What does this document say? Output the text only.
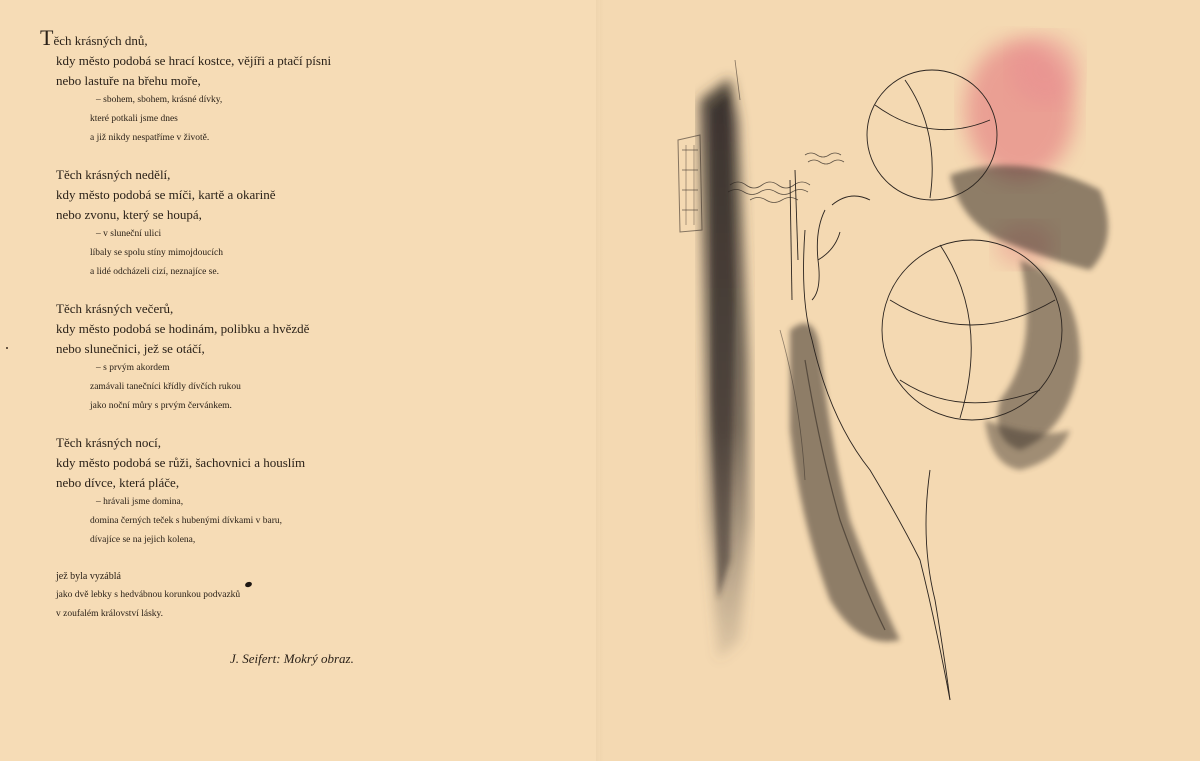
Těch krásných dnů,
kdy město podobá se hrací kostce, vějíři a ptačí písni
nebo lastuře na břehu moře,
– sbohem, sbohem, krásné dívky,
které potkali jsme dnes
a již nikdy nespatříme v životě.
Těch krásných nedělí,
kdy město podobá se míči, kartě a okarině
nebo zvonu, který se houpá,
– v sluneční ulici
líbaly se spolu stíny mimojdoucích
a lidé odcházeli cizí, neznajíce se.
Těch krásných večerů,
kdy město podobá se hodinám, polibku a hvězdě
nebo slunečnici, jež se otáčí,
– s prvým akordem
zamávali tanečníci křídly dívčích rukou
jako noční můry s prvým červánkem.
Těch krásných nocí,
kdy město podobá se růži, šachovnici a houslím
nebo dívce, která pláče,
– hrávali jsme domina,
domina černých teček s hubenými dívkami v baru,
dívajíce se na jejich kolena,
jež byla vyzáblá
jako dvě lebky s hedvábnou korunkou podvazků
v zoufalém království lásky.
J. Seifert: Mokrý obraz.
